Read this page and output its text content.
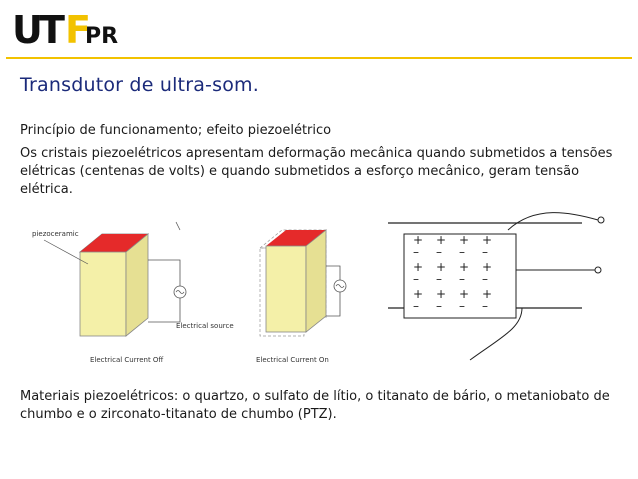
U
T F
PR
Transdutor de ultra-som.
Princípio de funcionamento; efeito piezoelétrico
Os cristais piezoelétricos apresentam deformação mecânica quando submetidos a tensões elétricas (centenas de volts) e quando submetidos a esforço mecânico, geram tensão elétrica.
piezoceramic
Electrical source
Electrical Current Off	Electrical Current On
+
–
+
–
+
–
+
–
+
–
+
–
+
–
+
–
+
–
+
–
+
–
+
–
Materiais piezoelétricos: o quartzo, o sulfato de lítio, o titanato de bário, o metaniobato de chumbo e o zirconato-titanato de chumbo (PTZ).
